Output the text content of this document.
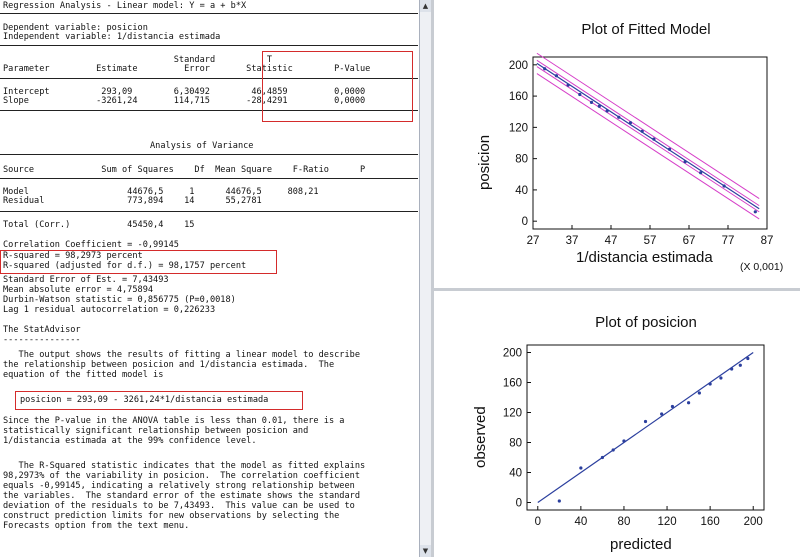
Regression Analysis - Linear model: Y = a + b*X
Dependent variable: posicion
Independent variable: 1/distancia estimada
Standard          T
Parameter         Estimate         Error       Statistic        P-Value
Intercept          293,09        6,30492        46,4859         0,0000
Slope             -3261,24       114,715       -28,4291         0,0000
Analysis of Variance
Source             Sum of Squares    Df  Mean Square    F-Ratio      P
Model                   44676,5     1      44676,5     808,21
Residual                773,894    14      55,2781
Total (Corr.)           45450,4    15
Correlation Coefficient = -0,99145
R-squared = 98,2973 percent
R-squared (adjusted for d.f.) = 98,1757 percent
Standard Error of Est. = 7,43493
Mean absolute error = 4,75894
Durbin-Watson statistic = 0,856775 (P=0,0018)
Lag 1 residual autocorrelation = 0,226233
The StatAdvisor
---------------
The output shows the results of fitting a linear model to describe
the relationship between posicion and 1/distancia estimada.  The
equation of the fitted model is
posicion = 293,09 - 3261,24*1/distancia estimada
Since the P-value in the ANOVA table is less than 0.01, there is a
statistically significant relationship between posicion and
1/distancia estimada at the 99% confidence level.
The R-Squared statistic indicates that the model as fitted explains
98,2973% of the variability in posicion.  The correlation coefficient
equals -0,99145, indicating a relatively strong relationship between
the variables.  The standard error of the estimate shows the standard
deviation of the residuals to be 7,43493.  This value can be used to
construct prediction limits for new observations by selecting the
Forecasts option from the text menu.
▲
▼
Plot of Fitted Model
27 37 47 57 67 77 87
0
40
80
120
160
200
posicion
1/distancia estimada
(X 0,001)
Plot of posicion
0	40	80 120 160 200
0
40
80
120
160
200
observed
predicted
